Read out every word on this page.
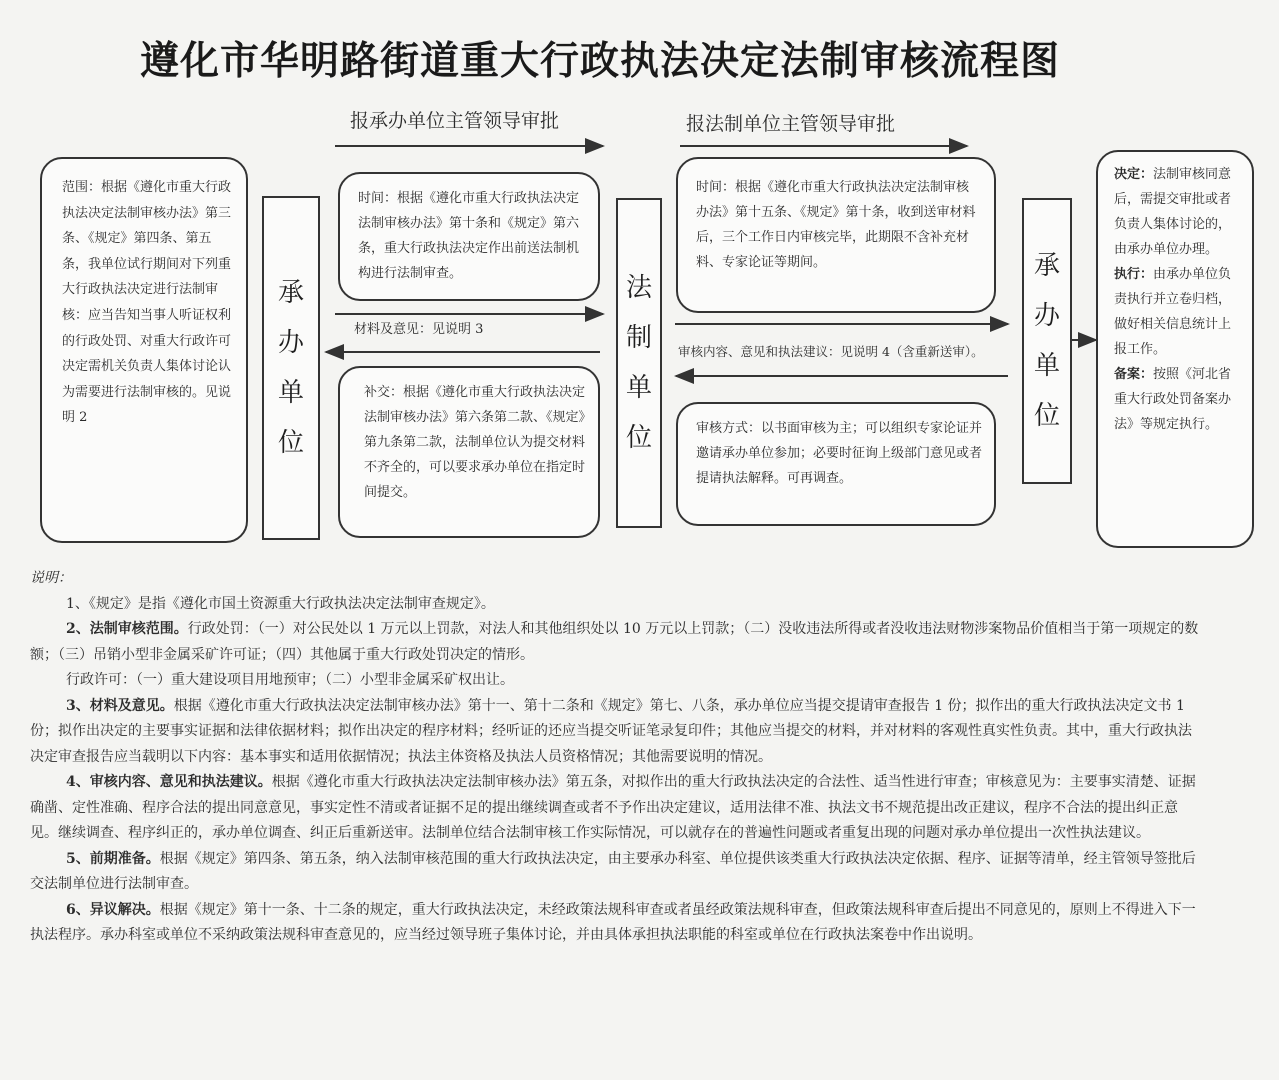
遵化市华明路街道重大行政执法决定法制审核流程图
报承办单位主管领导审批	报法制单位主管领导审批
材料及意见：见说明 3
审核内容、意见和执法建议：见说明 4（含重新送审）。

范围：根据《遵化市重大行政执法决定法制审核办法》第三条、《规定》第四条、第五条，我单位试行期间对下列重大行政执法决定进行法制审核：应当告知当事人听证权利的行政处罚、对重大行政许可决定需机关负责人集体讨论认为需要进行法制审核的。见说明 2

承办单位

时间：根据《遵化市重大行政执法决定法制审核办法》第十条和《规定》第六条，重大行政执法决定作出前送法制机构进行法制审查。

补交：根据《遵化市重大行政执法决定法制审核办法》第六条第二款、《规定》第九条第二款，法制单位认为提交材料不齐全的，可以要求承办单位在指定时间提交。

法制单位

时间：根据《遵化市重大行政执法决定法制审核办法》第十五条、《规定》第十条，收到送审材料后，三个工作日内审核完毕，此期限不含补充材料、专家论证等期间。

审核方式：以书面审核为主；可以组织专家论证并邀请承办单位参加；必要时征询上级部门意见或者提请执法解释。可再调查。

承办单位

决定：法制审核同意后，需提交审批或者负责人集体讨论的，由承办单位办理。

执行：由承办单位负责执行并立卷归档，做好相关信息统计上报工作。

备案：按照《河北省重大行政处罚备案办法》等规定执行。

说明：

1、《规定》是指《遵化市国土资源重大行政执法决定法制审查规定》。

2、法制审核范围。行政处罚：（一）对公民处以 1 万元以上罚款，对法人和其他组织处以 10 万元以上罚款；（二）没收违法所得或者没收违法财物涉案物品价值相当于第一项规定的数额；（三）吊销小型非金属采矿许可证；（四）其他属于重大行政处罚决定的情形。

行政许可：（一）重大建设项目用地预审；（二）小型非金属采矿权出让。

3、材料及意见。根据《遵化市重大行政执法决定法制审核办法》第十一、第十二条和《规定》第七、八条，承办单位应当提交提请审查报告 1 份；拟作出的重大行政执法决定文书 1 份；拟作出决定的主要事实证据和法律依据材料；拟作出决定的程序材料；经听证的还应当提交听证笔录复印件；其他应当提交的材料，并对材料的客观性真实性负责。其中，重大行政执法决定审查报告应当载明以下内容：基本事实和适用依据情况；执法主体资格及执法人员资格情况；其他需要说明的情况。

4、审核内容、意见和执法建议。根据《遵化市重大行政执法决定法制审核办法》第五条，对拟作出的重大行政执法决定的合法性、适当性进行审查；审核意见为：主要事实清楚、证据确凿、定性准确、程序合法的提出同意意见，事实定性不清或者证据不足的提出继续调查或者不予作出决定建议，适用法律不准、执法文书不规范提出改正建议，程序不合法的提出纠正意见。继续调查、程序纠正的，承办单位调查、纠正后重新送审。法制单位结合法制审核工作实际情况，可以就存在的普遍性问题或者重复出现的问题对承办单位提出一次性执法建议。

5、前期准备。根据《规定》第四条、第五条，纳入法制审核范围的重大行政执法决定，由主要承办科室、单位提供该类重大行政执法决定依据、程序、证据等清单，经主管领导签批后交法制单位进行法制审查。

6、异议解决。根据《规定》第十一条、十二条的规定，重大行政执法决定，未经政策法规科审查或者虽经政策法规科审查，但政策法规科审查后提出不同意见的，原则上不得进入下一执法程序。承办科室或单位不采纳政策法规科审查意见的，应当经过领导班子集体讨论，并由具体承担执法职能的科室或单位在行政执法案卷中作出说明。
